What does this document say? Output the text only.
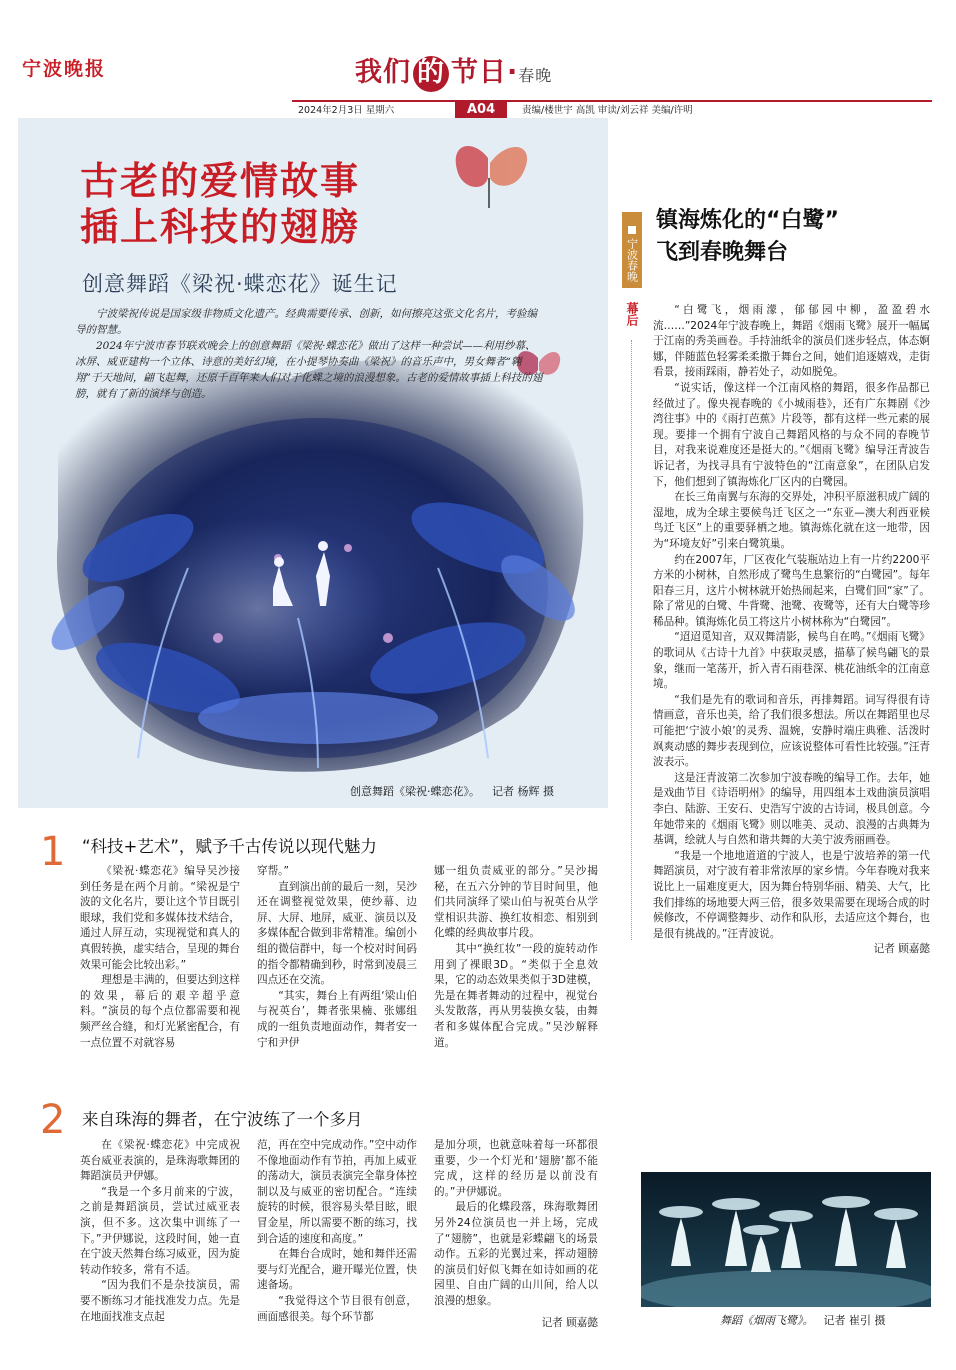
宁波晚报	我们 的 节日·春晚
2024年2月3日 星期六	A04	责编/楼世宇 高凯 审读/刘云祥 美编/许明
古老的爱情故事
插上科技的翅膀
创意舞蹈《梁祝·蝶恋花》诞生记

宁波梁祝传说是国家级非物质文化遗产。经典需要传承、创新，如何擦亮这张文化名片，考验编导的智慧。

2024年宁波市春节联欢晚会上的创意舞蹈《梁祝·蝶恋花》做出了这样一种尝试——利用纱幕、冰屏、威亚建构一个立体、诗意的美好幻境，在小提琴协奏曲《梁祝》的音乐声中，男女舞者“翱翔”于天地间，翩飞起舞，还原千百年来人们对于化蝶之境的浪漫想象。古老的爱情故事插上科技的翅膀，就有了新的演绎与创造。

创意舞蹈《梁祝·蝶恋花》。 记者 杨辉 摄
1 “科技+艺术”，赋予千古传说以现代魅力

《梁祝·蝶恋花》编导吴沙接到任务是在两个月前。“梁祝是宁波的文化名片，要让这个节目既引眼球，我们党和多媒体技术结合，通过人屏互动，实现视觉和真人的真假转换，虚实结合，呈现的舞台效果可能会比较出彩。”

理想是丰满的，但要达到这样的效果，幕后的艰辛超乎意料。“演员的每个点位都需要和视频严丝合缝，和灯光紧密配合，有一点位置不对就容易

穿帮。”

直到演出前的最后一刻，吴沙还在调整视觉效果，使纱幕、边屏、大屏、地屏，威亚、演员以及多媒体配合做到非常精准。编创小组的微信群中，每一个校对时间码的指令都精确到秒，时常到凌晨三四点还在交流。

“其实，舞台上有两组‘梁山伯与祝英台’，舞者张果楠、张娜组成的一组负责地面动作，舞者安一宁和尹伊

娜一组负责威亚的部分。”吴沙揭秘，在五六分钟的节目时间里，他们共同演绎了梁山伯与祝英台从学堂相识共游、换红妆相恋、相别到化蝶的经典故事片段。

其中“换红妆”一段的旋转动作用到了裸眼3D。“类似于全息效果，它的动态效果类似于3D建模，先是在舞者舞动的过程中，视觉台头发散落，再从男装换女装，由舞者和多媒体配合完成。”吴沙解释道。

2 来自珠海的舞者，在宁波练了一个多月

在《梁祝·蝶恋花》中完成祝英台威亚表演的，是珠海歌舞团的舞蹈演员尹伊娜。

“我是一个多月前来的宁波，之前是舞蹈演员，尝试过威亚表演，但不多。这次集中训练了一下。”尹伊娜说，这段时间，她一直在宁波天然舞台练习威亚，因为旋转动作较多，常有不适。

“因为我们不是杂技演员，需要不断练习才能找准发力点。先是在地面找准支点起

范，再在空中完成动作。”空中动作不像地面动作有节拍，再加上威亚的荡动大，演员表演完全靠身体控制以及与威亚的密切配合。“连续旋转的时候，很容易头晕目眩，眼冒金星，所以需要不断的练习，找到合适的速度和高度。”

在舞台合成时，她和舞伴还需要与灯光配合，避开曝光位置，快速备场。

“我觉得这个节目很有创意，画面感很美。每个环节都

是加分项，也就意味着每一环都很重要，少一个灯光和‘翅膀’都不能完成，这样的经历是以前没有的。”尹伊娜说。

最后的化蝶段落，珠海歌舞团另外24位演员也一并上场，完成了“翅膀”，也就是彩蝶翩飞的场景动作。五彩的光翼过来，挥动翅膀的演员们好似飞舞在如诗如画的花园里、自由广阔的山川间，给人以浪漫的想象。

记者 顾嘉懿

宁波春晚
幕后
镇海炼化的“白鹭”
飞到春晚舞台

“白鹭飞，烟雨濛，郁郁园中柳，盈盈碧水流……”2024年宁波春晚上，舞蹈《烟雨飞鹭》展开一幅属于江南的秀美画卷。手持油纸伞的演员们迷步轻点，体态婀娜，伴随蓝色轻雾柔柔撒于舞台之间，她们追逐嬉戏，走街看景，接雨踩雨，静若处子，动如脱兔。

“说实话，像这样一个江南风格的舞蹈，很多作品都已经做过了。像央视春晚的《小城雨巷》，还有广东舞剧《沙湾往事》中的《雨打芭蕉》片段等，都有这样一些元素的展现。要排一个拥有宁波自己舞蹈风格的与众不同的春晚节目，对我来说难度还是挺大的。”《烟雨飞鹭》编导汪青波告诉记者，为找寻具有宁波特色的“江南意象”，在团队启发下，他们想到了镇海炼化厂区内的白鹭园。

在长三角南翼与东海的交界处，冲积平原滋积成广阔的湿地，成为全球主要候鸟迁飞区之一“东亚—澳大利西亚候鸟迁飞区”上的重要驿栖之地。镇海炼化就在这一地带，因为“环境友好”引来白鹭筑巢。

约在2007年，厂区夜化气装瓶站边上有一片约2200平方米的小树林，自然形成了鹭鸟生息繁衍的“白鹭园”。每年阳春三月，这片小树林就开始热闹起来，白鹭们回“家”了。除了常见的白鹭、牛背鹭、池鹭、夜鹭等，还有大白鹭等珍稀品种。镇海炼化员工将这片小树林称为“白鹭园”。

“迢迢觅知音，双双舞清影，候鸟自在鸣。”《烟雨飞鹭》的歌词从《古诗十九首》中获取灵感，描摹了候鸟翩飞的景象，继而一笔荡开，折入青石雨巷深、桃花油纸伞的江南意境。

“我们是先有的歌词和音乐，再排舞蹈。词写得很有诗情画意，音乐也美，给了我们很多想法。所以在舞蹈里也尽可能把‘宁波小娘’的灵秀、温婉，安静时端庄典雅、活泼时飒爽动感的舞步表现到位，应该说整体可看性比较强。”汪青波表示。

这是汪青波第二次参加宁波春晚的编导工作。去年，她是戏曲节目《诗语明州》的编导，用四组本土戏曲演员演唱李白、陆游、王安石、史浩写宁波的古诗词，极具创意。今年她带来的《烟雨飞鹭》则以唯美、灵动、浪漫的古典舞为基调，绘就人与自然和谐共舞的大美宁波秀丽画卷。

“我是一个地地道道的宁波人，也是宁波培养的第一代舞蹈演员，对宁波有着非常浓厚的家乡情。今年春晚对我来说比上一届难度更大，因为舞台特别华丽、精美、大气，比我们排练的场地要大两三倍，很多效果需要在现场合成的时候修改，不停调整舞步、动作和队形，去适应这个舞台，也是很有挑战的。”汪青波说。

记者 顾嘉懿

舞蹈《烟雨飞鹭》。 记者 崔引 摄
